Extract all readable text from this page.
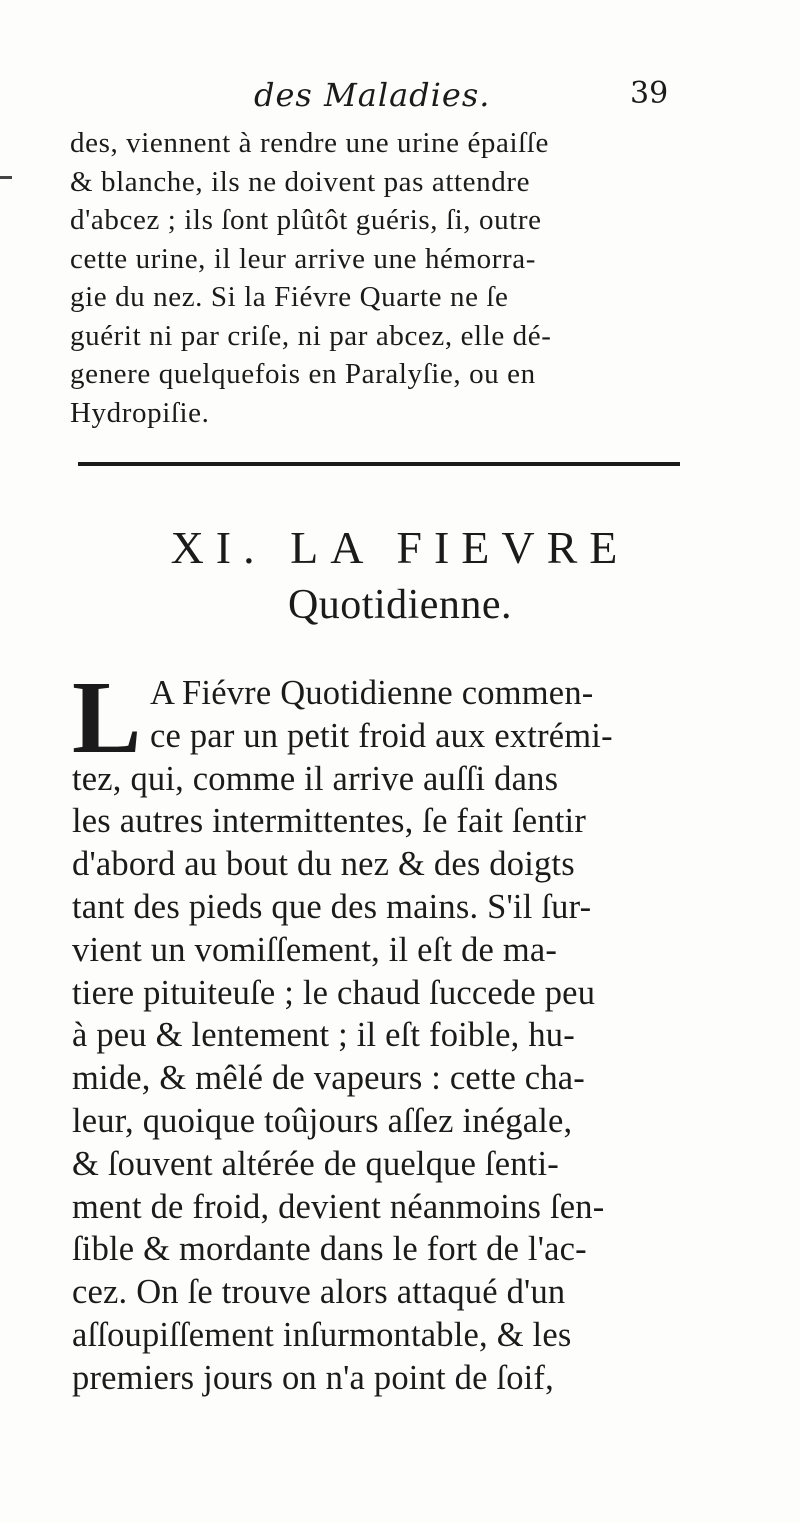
des Maladies.	39
des, viennent à rendre une urine épaiſſe
& blanche, ils ne doivent pas attendre
d'abcez ; ils ſont plûtôt guéris, ſi, outre
cette urine, il leur arrive une hémorra-
gie du nez. Si la Fiévre Quarte ne ſe
guérit ni par criſe, ni par abcez, elle dé-
genere quelquefois en Paralyſie, ou en
Hydropiſie.
XI. LA FIEVRE
Quotidienne.
L A Fiévre Quotidienne commen-
ce par un petit froid aux extrémi-
tez, qui, comme il arrive auſſi dans
les autres intermittentes, ſe fait ſentir
d'abord au bout du nez & des doigts
tant des pieds que des mains. S'il ſur-
vient un vomiſſement, il eſt de ma-
tiere pituiteuſe ; le chaud ſuccede peu
à peu & lentement ; il eſt foible, hu-
mide, & mêlé de vapeurs : cette cha-
leur, quoique toûjours aſſez inégale,
& ſouvent altérée de quelque ſenti-
ment de froid, devient néanmoins ſen-
ſible & mordante dans le fort de l'ac-
cez. On ſe trouve alors attaqué d'un
aſſoupiſſement inſurmontable, & les
premiers jours on n'a point de ſoif,
